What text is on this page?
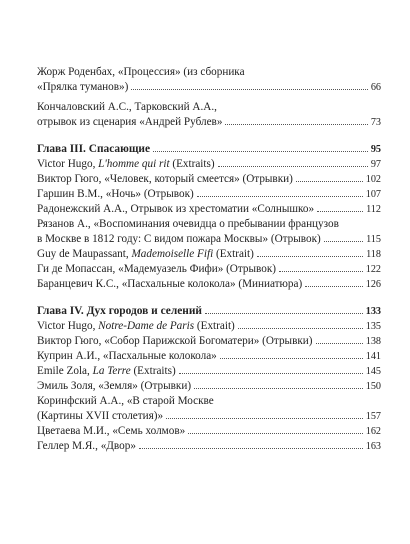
Жорж Роденбах, «Процессия» (из сборника
«Прялка туманов»)	66
Кончаловский А.С., Тарковский А.А.,
отрывок из сценария «Андрей Рублев»	73
Глава III. Спасающие	95
Victor Hugo, L'homme qui rit (Extraits)	97
Виктор Гюго, «Человек, который смеется» (Отрывки)	102
Гаршин В.М., «Ночь» (Отрывок)	107
Радонежский А.А., Отрывок из хрестоматии «Солнышко»	112
Рязанов А., «Воспоминания очевидца о пребывании французов
в Москве в 1812 году: С видом пожара Москвы» (Отрывок)	115
Guy de Maupassant, Mademoiselle Fifi (Extrait)	118
Ги де Мопассан, «Мадемуазель Фифи» (Отрывок)	122
Баранцевич К.С., «Пасхальные колокола» (Миниатюра)	126
Глава IV. Дух городов и селений	133
Victor Hugo, Notre-Dame de Paris (Extrait)	135
Виктор Гюго, «Собор Парижской Богоматери» (Отрывки)	138
Куприн А.И., «Пасхальные колокола»	141
Emile Zola, La Terre (Extraits)	145
Эмиль Золя, «Земля» (Отрывки)	150
Коринфский А.А., «В старой Москве
(Картины XVII столетия)»	157
Цветаева М.И., «Семь холмов»	162
Геллер М.Я., «Двор»	163
